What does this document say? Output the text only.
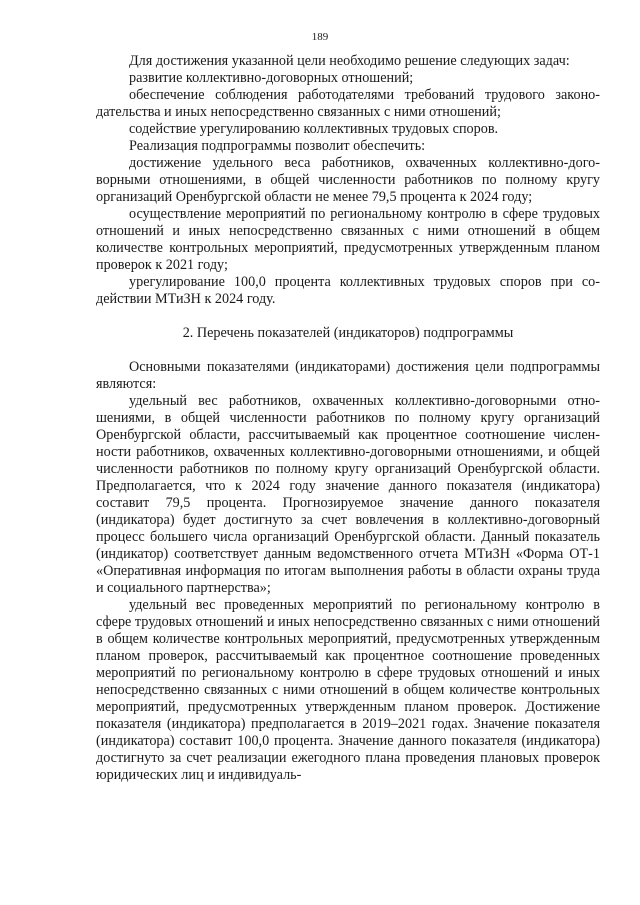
189

Для достижения указанной цели необходимо решение следующих задач:

развитие коллективно-договорных отношений;

обеспечение соблюдения работодателями требований трудового законодательства и иных непосредственно связанных с ними отношений;

содействие урегулированию коллективных трудовых споров.

Реализация подпрограммы позволит обеспечить:

достижение удельного веса работников, охваченных коллективно-договорными отношениями, в общей численности работников по полному кругу организаций Оренбургской области не менее 79,5 процента к 2024 году;

осуществление мероприятий по региональному контролю в сфере трудовых отношений и иных непосредственно связанных с ними отношений в общем количестве контрольных мероприятий, предусмотренных утвержденным планом проверок к 2021 году;

урегулирование 100,0 процента коллективных трудовых споров при содействии МТиЗН к 2024 году.

2. Перечень показателей (индикаторов) подпрограммы

Основными показателями (индикаторами) достижения цели подпрограммы являются:

удельный вес работников, охваченных коллективно-договорными отношениями, в общей численности работников по полному кругу организаций Оренбургской области, рассчитываемый как процентное соотношение численности работников, охваченных коллективно-договорными отношениями, и общей численности работников по полному кругу организаций Оренбургской области. Предполагается, что к 2024 году значение данного показателя (индикатора) составит 79,5 процента. Прогнозируемое значение данного показателя (индикатора) будет достигнуто за счет вовлечения в коллективно-договорный процесс большего числа организаций Оренбургской области. Данный показатель (индикатор) соответствует данным ведомственного отчета МТиЗН «Форма ОТ-1 «Оперативная информация по итогам выполнения работы в области охраны труда и социального партнерства»;

удельный вес проведенных мероприятий по региональному контролю в сфере трудовых отношений и иных непосредственно связанных с ними отношений в общем количестве контрольных мероприятий, предусмотренных утвержденным планом проверок, рассчитываемый как процентное соотношение проведенных мероприятий по региональному контролю в сфере трудовых отношений и иных непосредственно связанных с ними отношений в общем количестве контрольных мероприятий, предусмотренных утвержденным планом проверок. Достижение показателя (индикатора) предполагается в 2019–2021 годах. Значение показателя (индикатора) составит 100,0 процента. Значение данного показателя (индикатора) достигнуто за счет реализации ежегодного плана проведения плановых проверок юридических лиц и индивидуаль-
